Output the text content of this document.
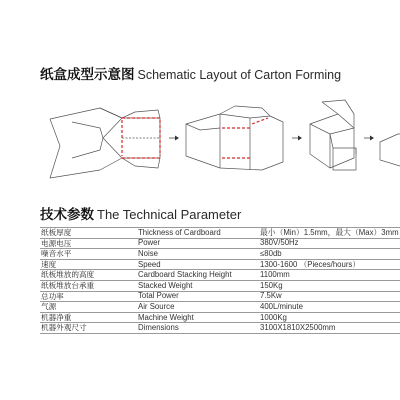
纸盒成型示意图 Schematic Layout of Carton Forming
技术参数 The Technical Parameter
纸板厚度	Thickness of Cardboard	最小（Min）1.5mm，最大（Max）3mm
电源电压	Power	380V/50Hz
噪音水平	Noise	≤80db
速度	Speed	1300-1600 （Pieces/hours）
纸板堆放的高度	Cardboard Stacking Height	1100mm
纸板堆放台承重	Stacked Weight	150Kg
总功率	Total Power	7.5Kw
气源	Air Source	400L/minute
机器净重	Machine Weight	1000Kg
机器外观尺寸	Dimensions	3100X1810X2500mm
